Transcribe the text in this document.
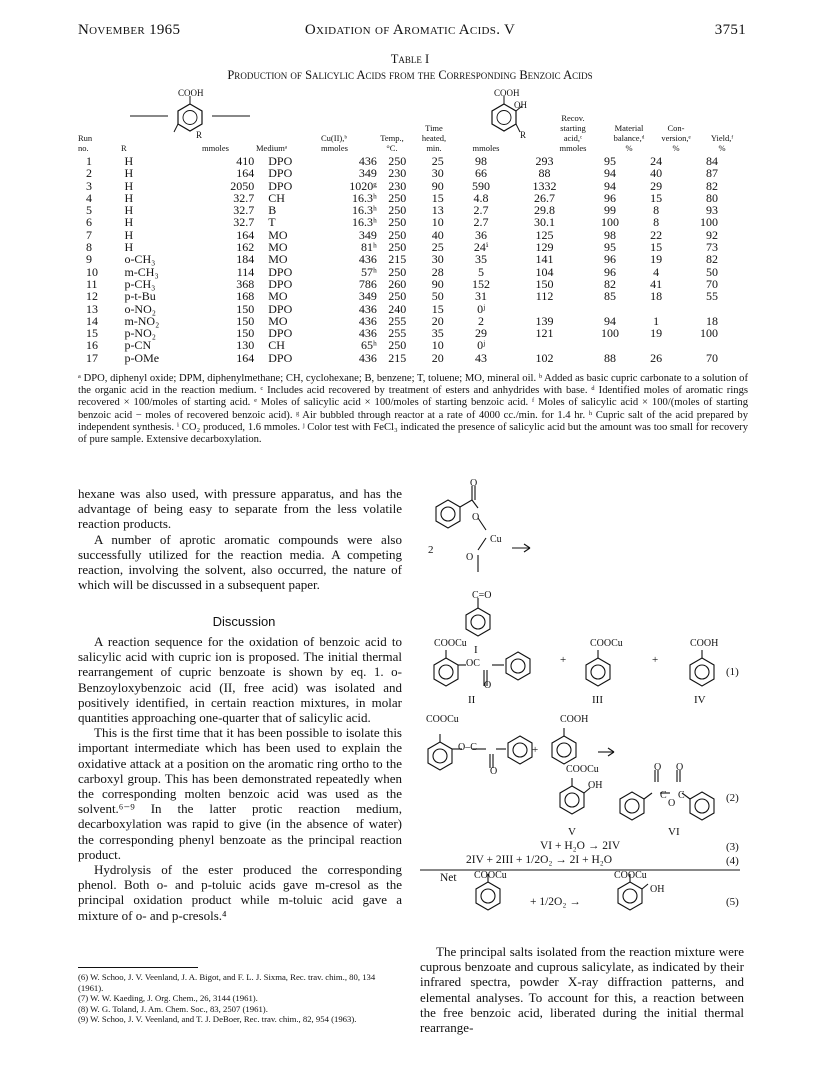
November 1965	Oxidation of Aromatic Acids. V	3751
Table I
Production of Salicylic Acids from the Corresponding Benzoic Acids
COOH
R
COOH
OH
R
Run
no.	R	mmoles	Mediumᵃ
Cu(II),ᵇ
mmoles
Temp.,
°C.
Time
heated,
min.	mmoles
Recov.
starting
acid,ᶜ
mmoles
Material
balance,ᵈ
%
Con-
version,ᵉ
%
Yield,ᶠ
%
1	H	410	DPO	436	250	25	98	293	95	24	84
2	H	164	DPO	349	230	30	66	88	94	40	87
3	H	2050	DPO	1020ᵍ	230	90	590	1332	94	29	82
4	H	32.7	CH	16.3ʰ	250	15	4.8	26.7	96	15	80
5	H	32.7	B	16.3ʰ	250	13	2.7	29.8	99	8	93
6	H	32.7	T	16.3ʰ	250	10	2.7	30.1	100	8	100
7	H	164	MO	349	250	40	36	125	98	22	92
8	H	162	MO	81ʰ	250	25	24ⁱ	129	95	15	73
9	o-CH₃	184	MO	436	215	30	35	141	96	19	82
10	m-CH₃	114	DPO	57ʰ	250	28	5	104	96	4	50
11	p-CH₃	368	DPO	786	260	90	152	150	82	41	70
12	p-t-Bu	168	MO	349	250	50	31	112	85	18	55
13	o-NO₂	150	DPO	436	240	15	0ʲ				
14	m-NO₂	150	MO	436	255	20	2	139	94	1	18
15	p-NO₂	150	DPO	436	255	35	29	121	100	19	100
16	p-CN	130	CH	65ʰ	250	10	0ʲ				
17	p-OMe	164	DPO	436	215	20	43	102	88	26	70
ᵃ DPO, diphenyl oxide; DPM, diphenylmethane; CH, cyclohexane; B, benzene; T, toluene; MO, mineral oil. ᵇ Added as basic cupric carbonate to a solution of the organic acid in the reaction medium. ᶜ Includes acid recovered by treatment of esters and anhydrides with base. ᵈ Identified moles of aromatic rings recovered × 100/moles of starting acid. ᵉ Moles of salicylic acid × 100/moles of starting benzoic acid. ᶠ Moles of salicylic acid × 100/(moles of starting benzoic acid − moles of recovered benzoic acid). ᵍ Air bubbled through reactor at a rate of 4000 cc./min. for 1.4 hr. ʰ Cupric salt of the acid prepared by independent synthesis. ⁱ CO₂ produced, 1.6 mmoles. ʲ Color test with FeCl₃ indicated the presence of salicylic acid but the amount was too small for recovery of pure sample. Extensive decarboxylation.

hexane was also used, with pressure apparatus, and has the advantage of being easy to separate from the less volatile reaction products.

A number of aprotic aromatic compounds were also successfully utilized for the reaction media. A competing reaction, involving the solvent, also occurred, the nature of which will be discussed in a subsequent paper.

Discussion

A reaction sequence for the oxidation of benzoic acid to salicylic acid with cupric ion is proposed. The initial thermal rearrangement of cupric benzoate is shown by eq. 1. o-Benzoyloxybenzoic acid (II, free acid) was isolated and positively identified, in certain reaction mixtures, in molar quantities approaching one-quarter that of salicylic acid.

This is the first time that it has been possible to isolate this important intermediate which has been used to explain the oxidative attack at a position on the aromatic ring ortho to the carboxyl group. This has been demonstrated repeatedly when the corresponding molten benzoic acid was used as the solvent.⁶⁻⁹ In the latter protic reaction medium, decarboxylation was rapid to give (in the absence of water) the corresponding phenyl benzoate as the principal reaction product.

Hydrolysis of the ester produced the corresponding phenol. Both o- and p-toluic acids gave m-cresol as the principal oxidation product while m-toluic acid gave a mixture of o- and p-cresols.⁴

(6) W. Schoo, J. V. Veenland, J. A. Bigot, and F. L. J. Sixma, Rec. trav. chim., 80, 134 (1961).
(7) W. W. Kaeding, J. Org. Chem., 26, 3144 (1961).
(8) W. G. Toland, J. Am. Chem. Soc., 83, 2507 (1961).
(9) W. Schoo, J. V. Veenland, and T. J. DeBoer, Rec. trav. chim., 82, 954 (1963).
O
O
Cu
O
C=O
2
I
COOCu
OC
O
+
COOCu
+
COOH
(1)
II	III	IV
COOCu
O–C
O
+
COOH
COOCu
OH
O O
C C
O	(2)
V	VI
VI + H₂O → 2IV	(3)
2IV + 2III + 1/2O₂ → 2I + H₂O	(4)
Net COOCu	COOCu
OH
+ 1/2O₂ →	(5)

The principal salts isolated from the reaction mixture were cuprous benzoate and cuprous salicylate, as indicated by their infrared spectra, powder X-ray diffraction patterns, and elemental analyses. To account for this, a reaction between the free benzoic acid, liberated during the initial thermal rearrange-
